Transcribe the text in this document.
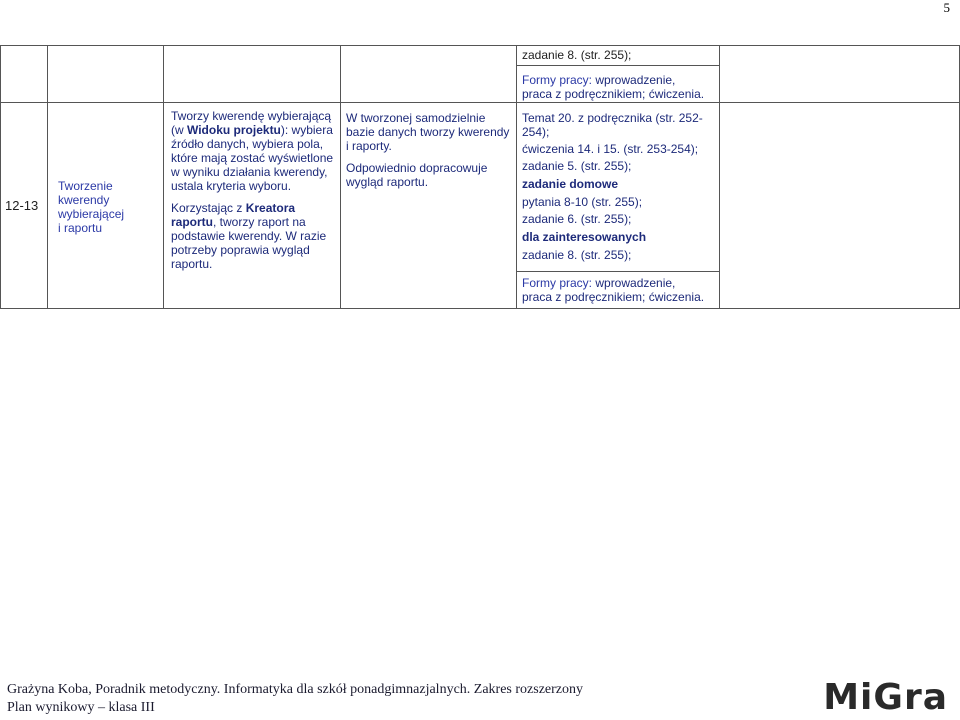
5

zadanie 8. (str. 255);

Formy pracy: wprowadzenie,

praca z podręcznikiem; ćwiczenia.

12-13

Tworzenie

kwerendy

wybierającej

i raportu

Tworzy kwerendę wybierającą (w Widoku projektu): wybiera źródło danych, wybiera pola, które mają zostać wyświetlone w wyniku działania kwerendy, ustala kryteria wyboru.

Korzystając z Kreatora raportu, tworzy raport na podstawie kwerendy. W razie potrzeby poprawia wygląd raportu.

W tworzonej samodzielnie bazie danych tworzy kwerendy i raporty.

Odpowiednio dopracowuje wygląd raportu.

Temat 20. z podręcznika (str. 252-254);

ćwiczenia 14. i 15. (str. 253-254);

zadanie 5. (str. 255);

zadanie domowe

pytania 8-10 (str. 255);

zadanie 6. (str. 255);

dla zainteresowanych

zadanie 8. (str. 255);

Formy pracy: wprowadzenie,

praca z podręcznikiem; ćwiczenia.

Grażyna Koba, Poradnik metodyczny. Informatyka dla szkół ponadgimnazjalnych. Zakres rozszerzony
Plan wynikowy – klasa III	MiGra
